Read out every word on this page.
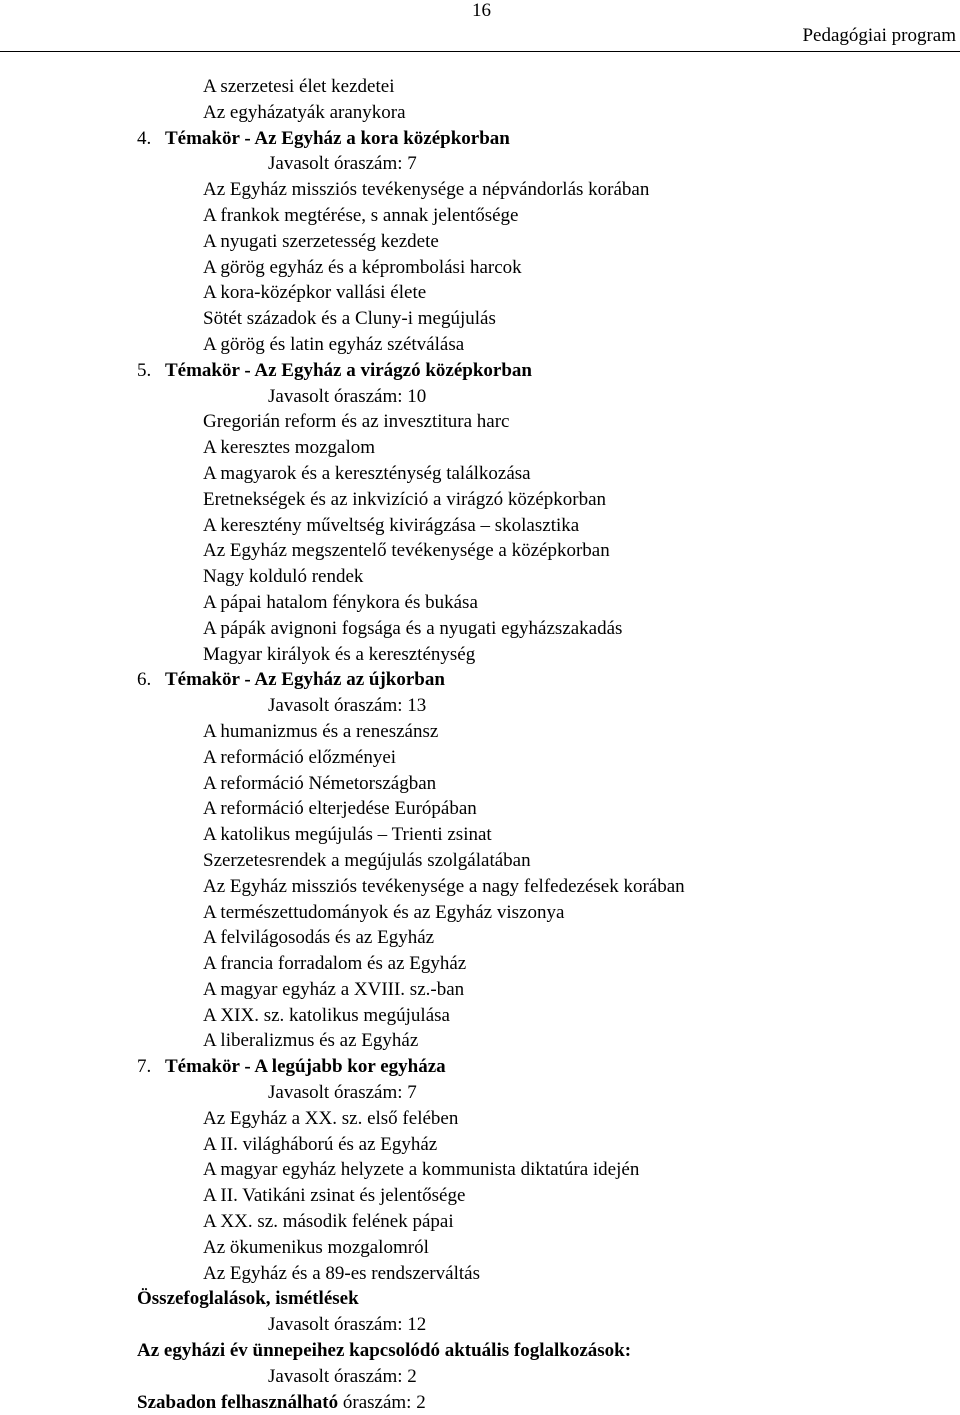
16
Pedagógiai program
A szerzetesi élet kezdetei
Az egyházatyák aranykora
4. Témakör - Az Egyház a kora középkorban
Javasolt óraszám: 7
Az Egyház missziós tevékenysége a népvándorlás korában
A frankok megtérése, s annak jelentősége
A nyugati szerzetesség kezdete
A görög egyház és a képrombolási harcok
A kora-középkor vallási élete
Sötét századok és a Cluny-i megújulás
A görög és latin egyház szétválása
5. Témakör - Az Egyház a virágzó középkorban
Javasolt óraszám: 10
Gregorián reform és az invesztitura harc
A keresztes mozgalom
A magyarok és a kereszténység találkozása
Eretnekségek és az inkvizíció a virágzó középkorban
A keresztény műveltség kivirágzása – skolasztika
Az Egyház megszentelő tevékenysége a középkorban
Nagy kolduló rendek
A pápai hatalom fénykora és bukása
A pápák avignoni fogsága és a nyugati egyházszakadás
Magyar királyok és a kereszténység
6. Témakör - Az Egyház az újkorban
Javasolt óraszám: 13
A humanizmus és a reneszánsz
A reformáció előzményei
A reformáció Németországban
A reformáció elterjedése Európában
A katolikus megújulás – Trienti zsinat
Szerzetesrendek a megújulás szolgálatában
Az Egyház missziós tevékenysége a nagy felfedezések korában
A természettudományok és az Egyház viszonya
A felvilágosodás és az Egyház
A francia forradalom és az Egyház
A magyar egyház a XVIII. sz.-ban
A XIX. sz. katolikus megújulása
A liberalizmus és az Egyház
7. Témakör - A legújabb kor egyháza
Javasolt óraszám: 7
Az Egyház a XX. sz. első felében
A II. világháború és az Egyház
A magyar egyház helyzete a kommunista diktatúra idején
A II. Vatikáni zsinat és jelentősége
A XX. sz. második felének pápai
Az ökumenikus mozgalomról
Az Egyház és a 89-es rendszerváltás
Összefoglalások, ismétlések
Javasolt óraszám: 12
Az egyházi év ünnepeihez kapcsolódó aktuális foglalkozások:
Javasolt óraszám: 2
Szabadon felhasználható óraszám: 2
